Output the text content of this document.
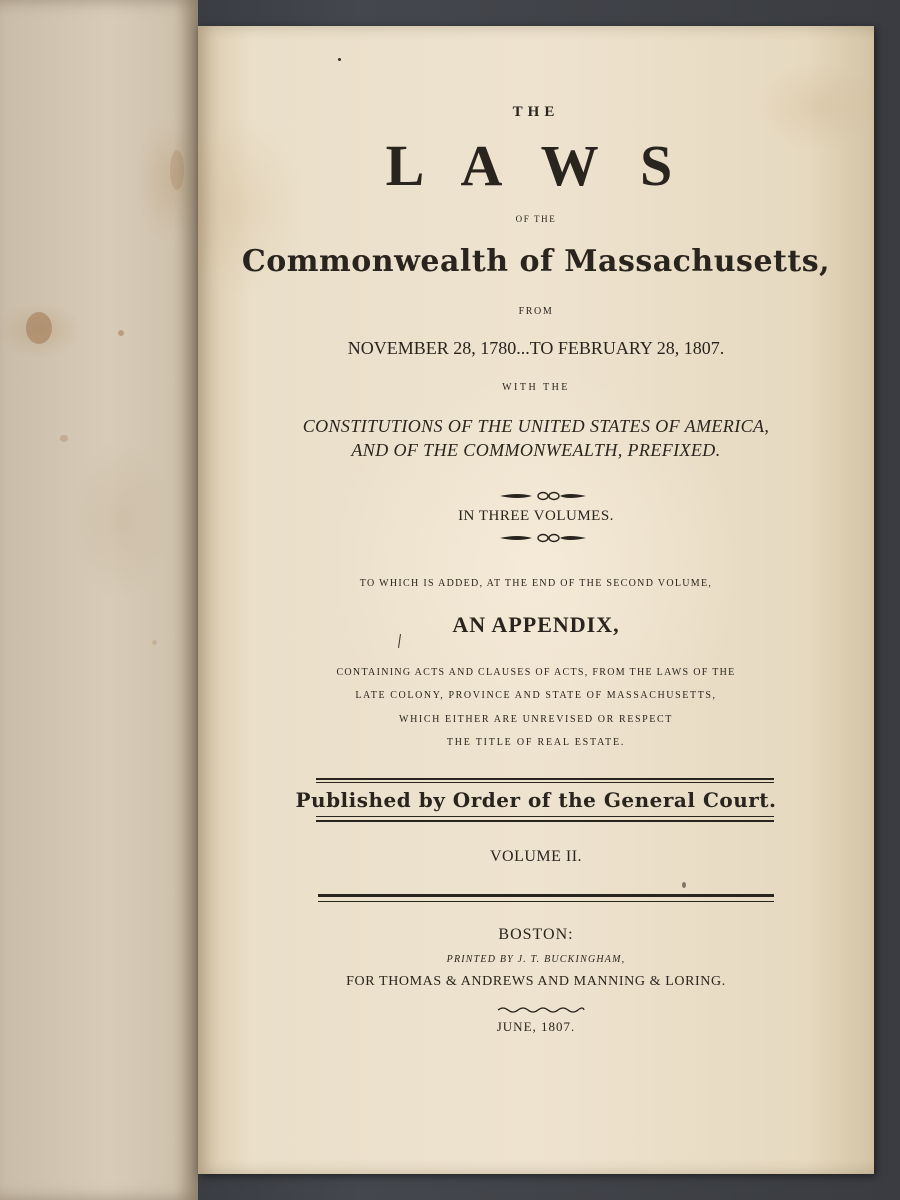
THE
L A W S
OF THE
Commonwealth of Massachusetts,
FROM
NOVEMBER 28, 1780...TO FEBRUARY 28, 1807.
WITH THE
CONSTITUTIONS OF THE UNITED STATES OF AMERICA,
AND OF THE COMMONWEALTH, PREFIXED.
IN THREE VOLUMES.
TO WHICH IS ADDED, AT THE END OF THE SECOND VOLUME,
AN APPENDIX,
CONTAINING ACTS AND CLAUSES OF ACTS, FROM THE LAWS OF THE
LATE COLONY, PROVINCE AND STATE OF MASSACHUSETTS,
WHICH EITHER ARE UNREVISED OR RESPECT
THE TITLE OF REAL ESTATE.
Published by Order of the General Court.
VOLUME II.
BOSTON:
PRINTED BY J. T. BUCKINGHAM,
FOR THOMAS & ANDREWS AND MANNING & LORING.
JUNE, 1807.
